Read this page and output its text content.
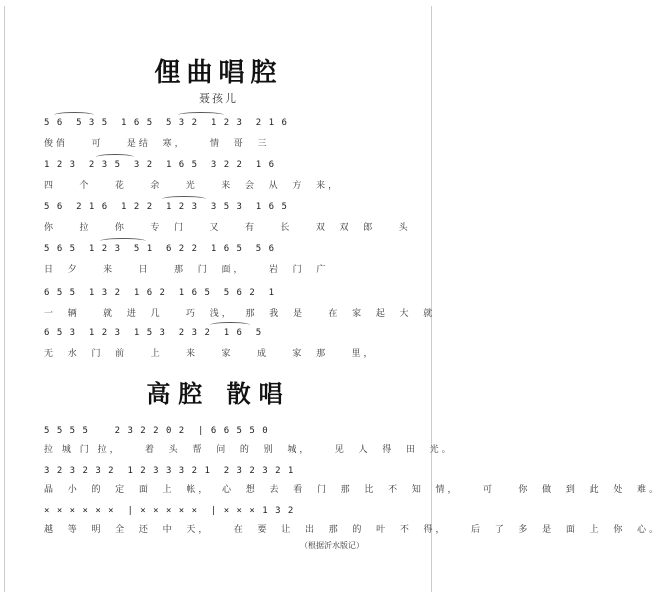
俚曲唱腔
聂孩儿
5 6  5 3 5  1 6 5  5 3 2  1 2 3  2 1 6
俊俏    可    是结  寒，    情  哥  三
1 2 3  2 3 5  3 2  1 6 5  3 2 2  1 6
四    个    花    余    光    来  会  从  方  来，
5 6  2 1 6  1 2 2  1 2 3  3 5 3  1 6 5
你    拉    你    专  门    又    有    长    双  双  郎    头
5 6 5  1 2 3  5 1  6 2 2  1 6 5  5 6
日  夕    来    日    那  门  面，    岩  门  广
6 5 5  1 3 2  1 6 2  1 6 5  5 6 2  1
一  辆    就  进  几    巧  浅，  那  我  是    在  家  起  大  就
6 5 3  1 2 3  1 5 3  2 3 2  1 6  5
无  水  门  前    上    来    家    成    家  那    里，
高腔 散唱
5 5 5 5    2 3 2 2 0 2  | 6 6 5 5 0
拉 城 门 拉，    着  头  帮  问  的  别  城，    见  人  得  田  光。
3 2 3 2 3 2  1 2 3 3 3 2 1  2 3 2 3 2 1
晶  小  的  定  面  上  帐，  心  想  去  看  门  那  比  不  知  情，    可    你  做  到  此  处  难。
× × × × × ×  | × × × × ×  | × × × 1 3 2
越  等  明  全  还  中  天，    在  要  让  出  那  的  叶  不  得，    后  了  多  是  面  上  你  心。
（根据沂水版记）
